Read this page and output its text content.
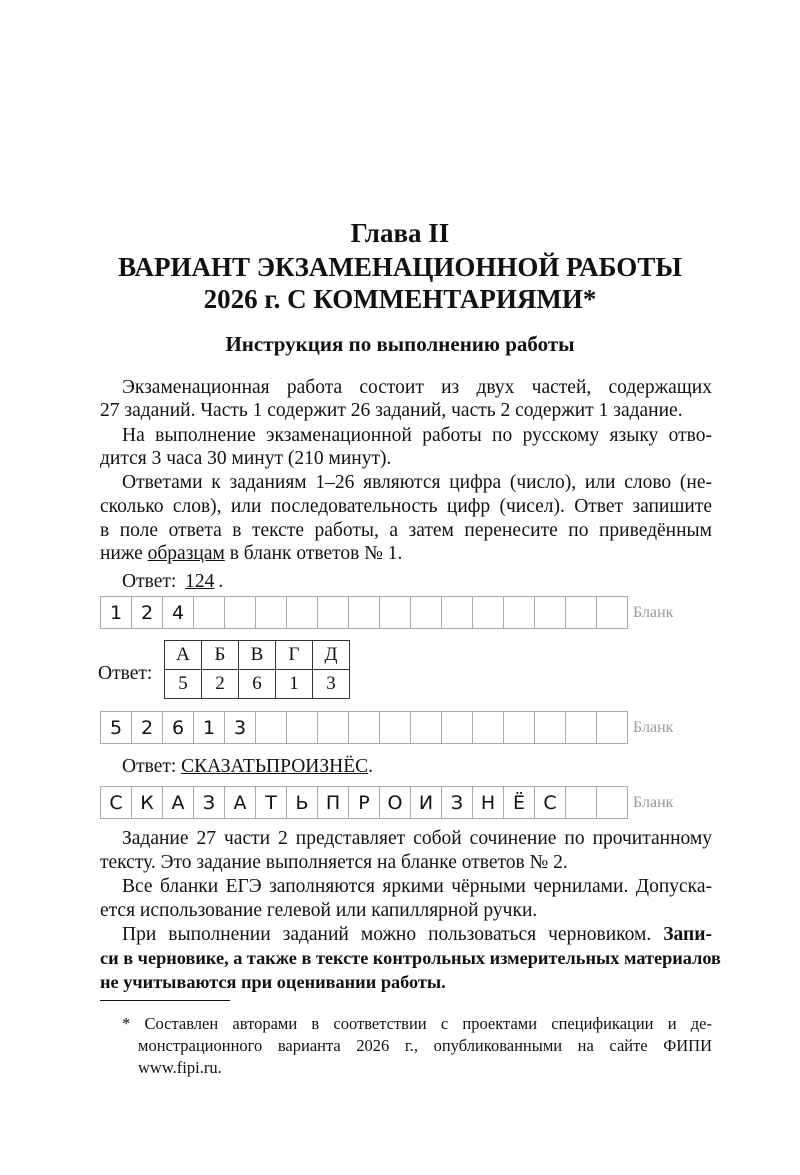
Глава II
ВАРИАНТ ЭКЗАМЕНАЦИОННОЙ РАБОТЫ
2026 г. С КОММЕНТАРИЯМИ*
Инструкция по выполнению работы
Экзаменационная работа состоит из двух частей, содержащих
27 заданий. Часть 1 содержит 26 заданий, часть 2 содержит 1 задание.
На выполнение экзаменационной работы по русскому языку отво-
дится 3 часа 30 минут (210 минут).
Ответами к заданиям 1–26 являются цифра (число), или слово (не-
сколько слов), или последовательность цифр (чисел). Ответ запишите
в поле ответа в тексте работы, а затем перенесите по приведённым
ниже образцам в бланк ответов № 1.
Ответ: 124 .
1 2 4	Бланк
Ответ:
А	Б	В	Г	Д
5	2	6	1	3
5 2 6 1 3	Бланк
Ответ: СКАЗАТЬПРОИЗНЁС.
С К А З А Т Ь П Р О И З Н Ё С	Бланк
Задание 27 части 2 представляет собой сочинение по прочитанному
тексту. Это задание выполняется на бланке ответов № 2.
Все бланки ЕГЭ заполняются яркими чёрными чернилами. Допуска-
ется использование гелевой или капиллярной ручки.
При выполнении заданий можно пользоваться черновиком. Запи-
си в черновике, а также в тексте контрольных измерительных материалов
не учитываются при оценивании работы.
* Составлен авторами в соответствии с проектами спецификации и де-
монстрационного варианта 2026 г., опубликованными на сайте ФИПИ
www.fipi.ru.
